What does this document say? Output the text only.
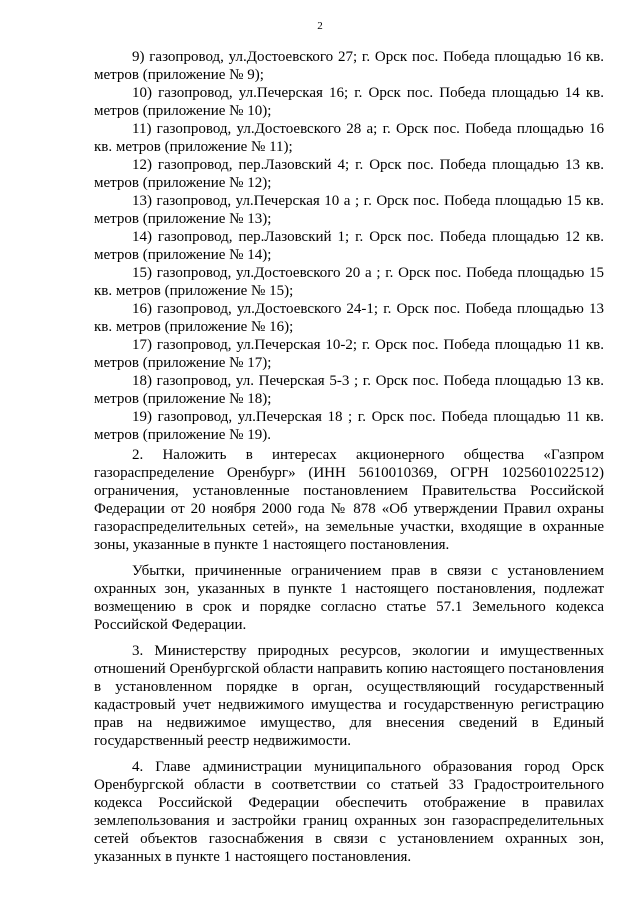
2

9) газопровод, ул.Достоевского 27; г. Орск пос. Победа площадью 16 кв. метров (приложение № 9);

10) газопровод, ул.Печерская 16; г. Орск пос. Победа площадью 14 кв. метров (приложение № 10);

11) газопровод, ул.Достоевского 28 а; г. Орск пос. Победа площадью 16 кв. метров (приложение № 11);

12) газопровод, пер.Лазовский 4; г. Орск пос. Победа площадью 13 кв. метров (приложение № 12);

13) газопровод, ул.Печерская 10 а ; г. Орск пос. Победа площадью 15 кв. метров (приложение № 13);

14) газопровод, пер.Лазовский 1; г. Орск пос. Победа площадью 12 кв. метров (приложение № 14);

15) газопровод, ул.Достоевского 20 а ; г. Орск пос. Победа площадью 15 кв. метров (приложение № 15);

16) газопровод, ул.Достоевского 24-1; г. Орск пос. Победа площадью 13 кв. метров (приложение № 16);

17) газопровод, ул.Печерская 10-2; г. Орск пос. Победа площадью 11 кв. метров (приложение № 17);

18) газопровод, ул. Печерская 5-3 ; г. Орск пос. Победа площадью 13 кв. метров (приложение № 18);

19) газопровод, ул.Печерская 18 ; г. Орск пос. Победа площадью 11 кв. метров (приложение № 19).

2. Наложить в интересах акционерного общества «Газпром газораспределение Оренбург» (ИНН 5610010369, ОГРН 1025601022512) ограничения, установленные постановлением Правительства Российской Федерации от 20 ноября 2000 года № 878 «Об утверждении Правил охраны газораспределительных сетей», на земельные участки, входящие в охранные зоны, указанные в пункте 1 настоящего постановления.

Убытки, причиненные ограничением прав в связи с установлением охранных зон, указанных в пункте 1 настоящего постановления, подлежат возмещению в срок и порядке согласно статье 57.1 Земельного кодекса Российской Федерации.

3. Министерству природных ресурсов, экологии и имущественных отношений Оренбургской области направить копию настоящего постановления в установленном порядке в орган, осуществляющий государственный кадастровый учет недвижимого имущества и государственную регистрацию прав на недвижимое имущество, для внесения сведений в Единый государственный реестр недвижимости.

4. Главе администрации муниципального образования город Орск Оренбургской области в соответствии со статьей 33 Градостроительного кодекса Российской Федерации обеспечить отображение в правилах землепользования и застройки границ охранных зон газораспределительных сетей объектов газоснабжения в связи с установлением охранных зон, указанных в пункте 1 настоящего постановления.
